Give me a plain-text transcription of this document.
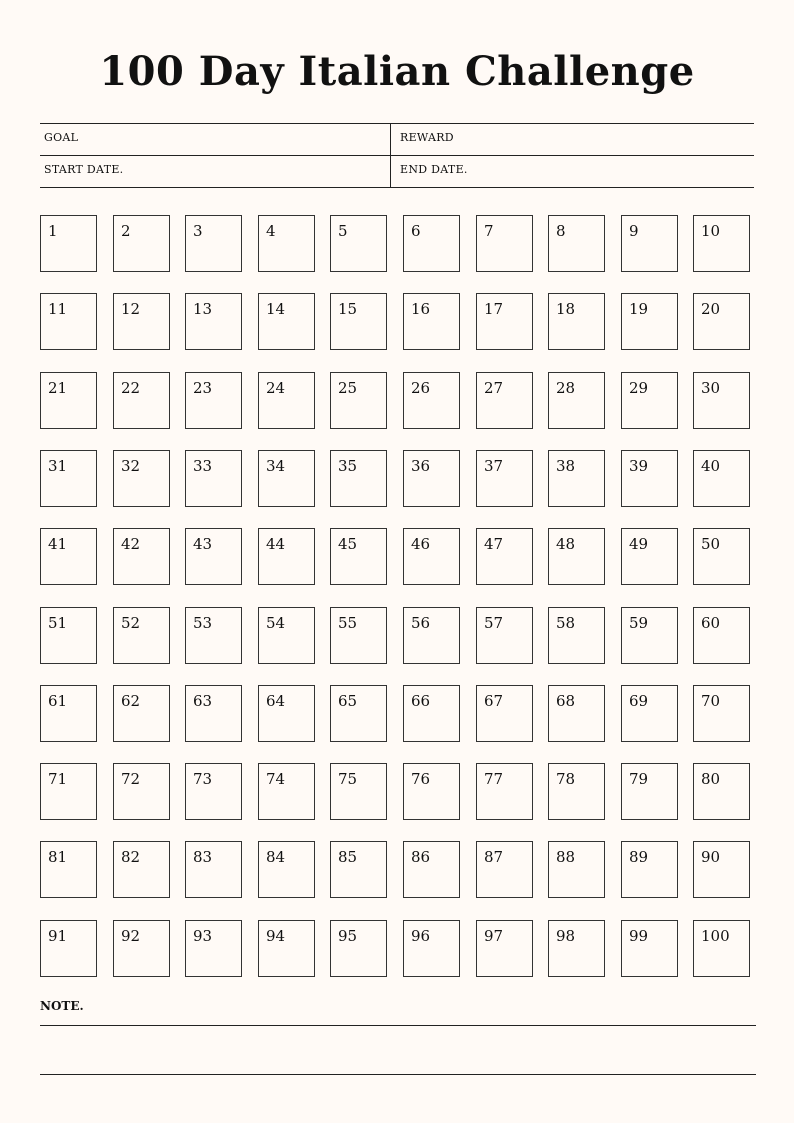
100 Day Italian Challenge
GOAL	REWARD
START DATE.	END DATE.
1	2	3	4	5	6	7	8	9	10
11	12	13	14	15	16	17	18	19	20
21	22	23	24	25	26	27	28	29	30
31	32	33	34	35	36	37	38	39	40
41	42	43	44	45	46	47	48	49	50
51	52	53	54	55	56	57	58	59	60
61	62	63	64	65	66	67	68	69	70
71	72	73	74	75	76	77	78	79	80
81	82	83	84	85	86	87	88	89	90
91	92	93	94	95	96	97	98	99	100
NOTE.
